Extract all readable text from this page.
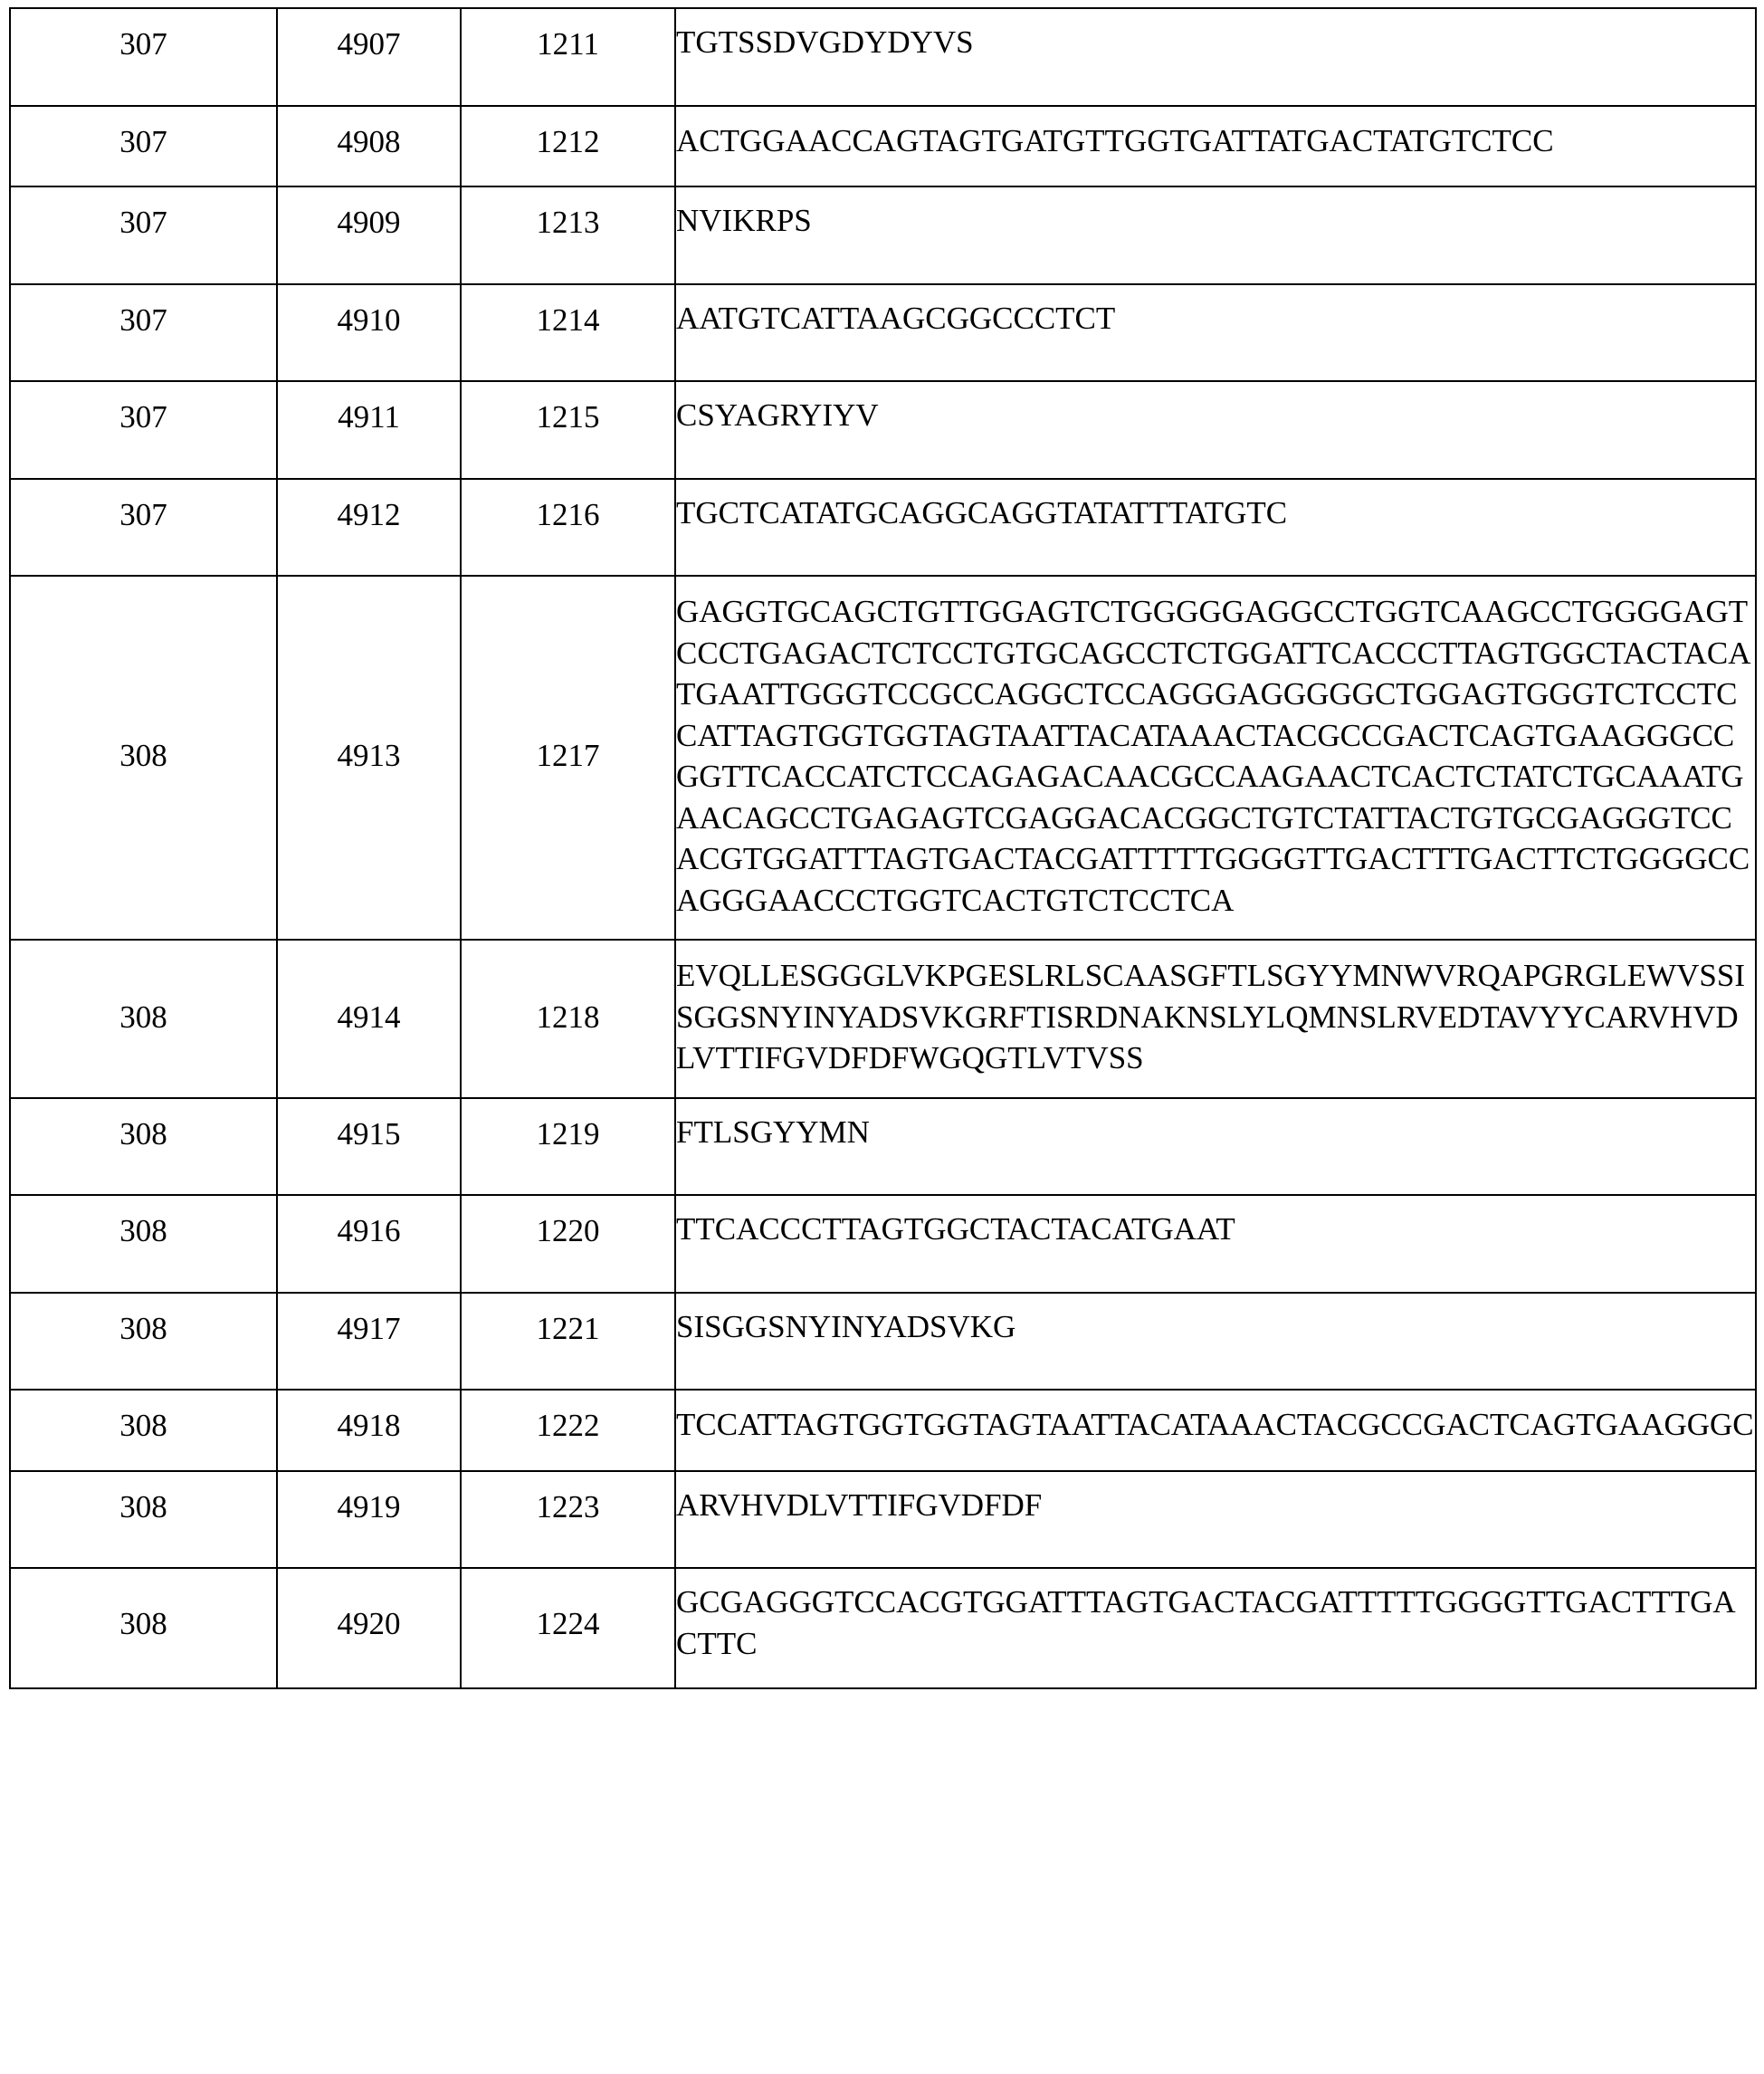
307	4907	1211	TGTSSDVGDYDYVS

307	4908	1212	ACTGGAACCAGTAGTGATGTTGGTGATTATGACTATGTCTCC

307	4909	1213	NVIKRPS

307	4910	1214	AATGTCATTAAGCGGCCCTCT

307	4911	1215	CSYAGRYIYV

307	4912	1216	TGCTCATATGCAGGCAGGTATATTTATGTC

308	4913	1217	GAGGTGCAGCTGTTGGAGTCTGGGGGAGGCCTGGTCAAGCCTGGGGAGTCCCTGAGACTCTCCTGTGCAGCCTCTGGATTCACCCTTAGTGGCTACTACATGAATTGGGTCCGCCAGGCTCCAGGGAGGGGGCTGGAGTGGGTCTCCTCCATTAGTGGTGGTAGTAATTACATAAACTACGCCGACTCAGTGAAGGGCCGGTTCACCATCTCCAGAGACAACGCCAAGAACTCACTCTATCTGCAAATGAACAGCCTGAGAGTCGAGGACACGGCTGTCTATTACTGTGCGAGGGTCCACGTGGATTTAGTGACTACGATTTTTGGGGTTGACTTTGACTTCTGGGGCCAGGGAACCCTGGTCACTGTCTCCTCA

308	4914	1218	EVQLLESGGGLVKPGESLRLSCAASGFTLSGYYMNWVRQAPGRGLEWVSSISGGSNYINYADSVKGRFTISRDNAKNSLYLQMNSLRVEDTAVYYCARVHVDLVTTIFGVDFDFWGQGTLVTVSS

308	4915	1219	FTLSGYYMN

308	4916	1220	TTCACCCTTAGTGGCTACTACATGAAT

308	4917	1221	SISGGSNYINYADSVKG

308	4918	1222	TCCATTAGTGGTGGTAGTAATTACATAAACTACGCCGACTCAGTGAAGGGC

308	4919	1223	ARVHVDLVTTIFGVDFDF

308	4920	1224	GCGAGGGTCCACGTGGATTTAGTGACTACGATTTTTGGGGTTGACTTTGACTTC
